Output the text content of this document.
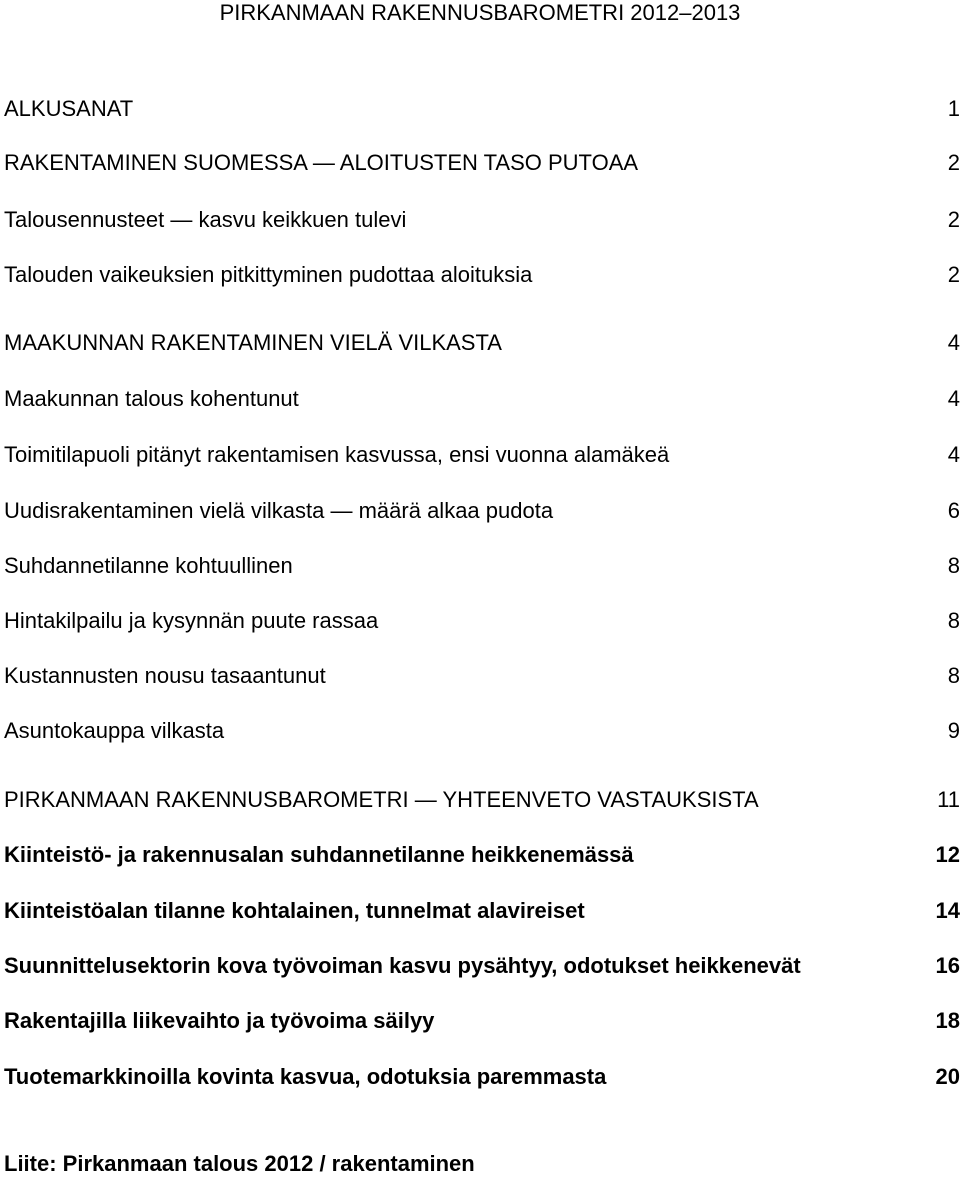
PIRKANMAAN RAKENNUSBAROMETRI 2012–2013
ALKUSANAT	1
RAKENTAMINEN SUOMESSA — ALOITUSTEN TASO PUTOAA	2
Talousennusteet — kasvu keikkuen tulevi	2
Talouden vaikeuksien pitkittyminen pudottaa aloituksia	2
MAAKUNNAN RAKENTAMINEN VIELÄ VILKASTA	4
Maakunnan talous kohentunut	4
Toimitilapuoli pitänyt rakentamisen kasvussa, ensi vuonna alamäkeä	4
Uudisrakentaminen vielä vilkasta — määrä alkaa pudota	6
Suhdannetilanne kohtuullinen	8
Hintakilpailu ja kysynnän puute rassaa	8
Kustannusten nousu tasaantunut	8
Asuntokauppa vilkasta	9
PIRKANMAAN RAKENNUSBAROMETRI — YHTEENVETO VASTAUKSISTA	11
Kiinteistö- ja rakennusalan suhdannetilanne heikkenemässä	12
Kiinteistöalan tilanne kohtalainen, tunnelmat alavireiset	14
Suunnittelusektorin kova työvoiman kasvu pysähtyy, odotukset heikkenevät	16
Rakentajilla liikevaihto ja työvoima säilyy	18
Tuotemarkkinoilla kovinta kasvua, odotuksia paremmasta	20
Liite: Pirkanmaan talous 2012 / rakentaminen
